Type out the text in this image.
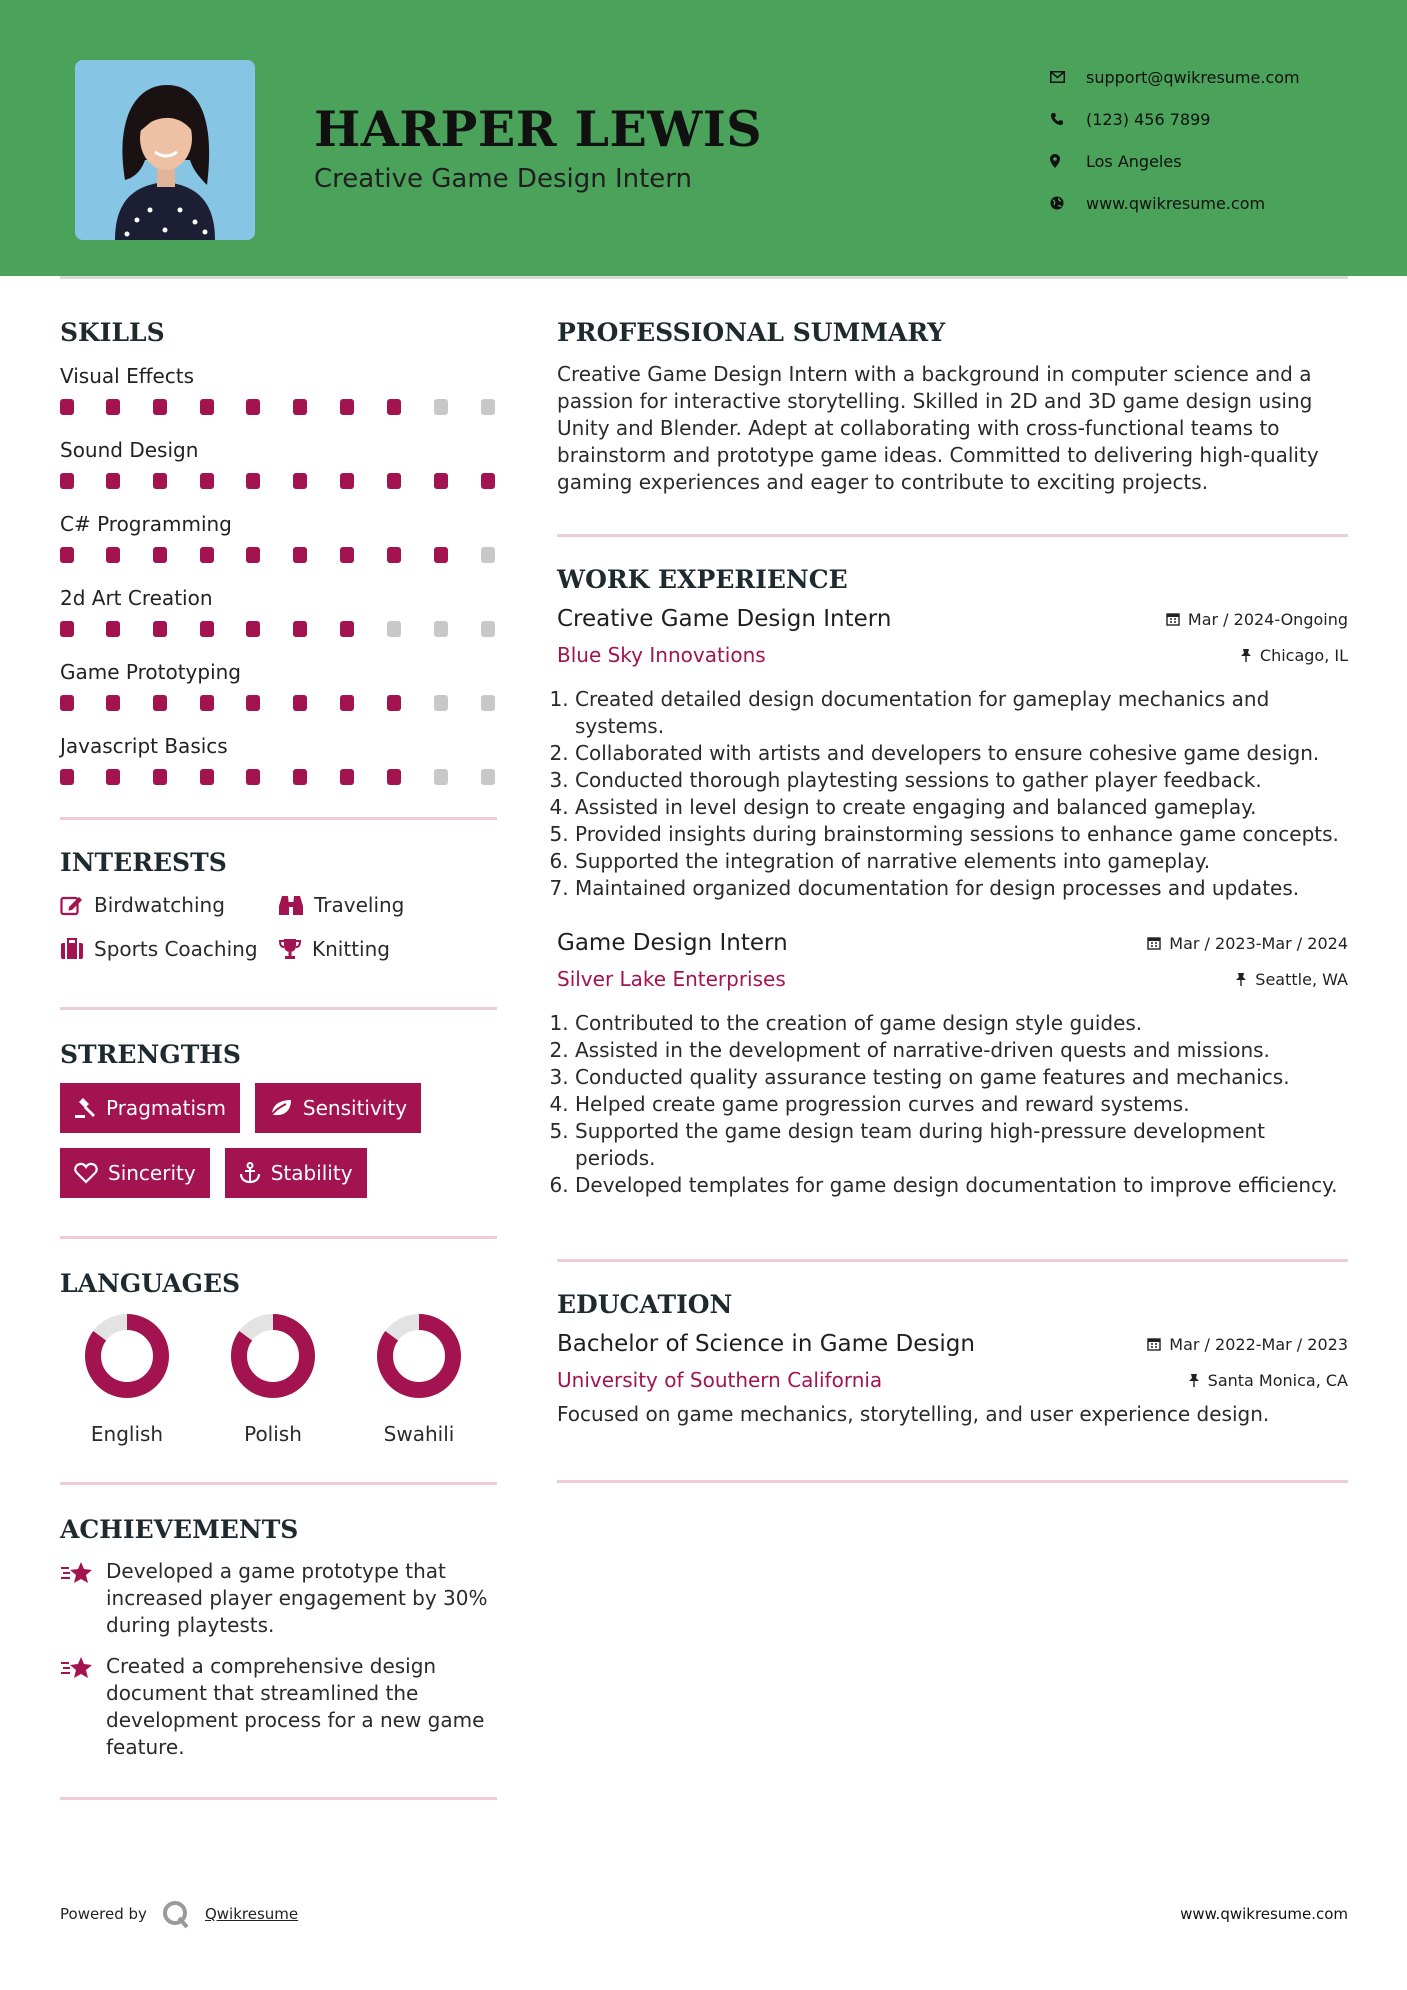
HARPER LEWIS
Creative Game Design Intern
support@qwikresume.com
(123) 456 7899
Los Angeles
www.qwikresume.com
SKILLS
Visual Effects
Sound Design
C# Programming
2d Art Creation
Game Prototyping
Javascript Basics
INTERESTS
Birdwatching	Traveling
Sports Coaching	Knitting
STRENGTHS
Pragmatism	Sensitivity
Sincerity	Stability
LANGUAGES
English	Polish	Swahili
ACHIEVEMENTS
Developed a game prototype that increased player engagement by 30% during playtests.
Created a comprehensive design document that streamlined the development process for a new game feature.
PROFESSIONAL SUMMARY
Creative Game Design Intern with a background in computer science and a passion for interactive storytelling. Skilled in 2D and 3D game design using Unity and Blender. Adept at collaborating with cross-functional teams to brainstorm and prototype game ideas. Committed to delivering high-quality gaming experiences and eager to contribute to exciting projects.
WORK EXPERIENCE
Creative Game Design Intern	Mar / 2024-Ongoing
Blue Sky Innovations	Chicago, IL
1. Created detailed design documentation for gameplay mechanics and systems.
2. Collaborated with artists and developers to ensure cohesive game design.
3. Conducted thorough playtesting sessions to gather player feedback.
4. Assisted in level design to create engaging and balanced gameplay.
5. Provided insights during brainstorming sessions to enhance game concepts.
6. Supported the integration of narrative elements into gameplay.
7. Maintained organized documentation for design processes and updates.
Game Design Intern	Mar / 2023-Mar / 2024
Silver Lake Enterprises	Seattle, WA
1. Contributed to the creation of game design style guides.
2. Assisted in the development of narrative-driven quests and missions.
3. Conducted quality assurance testing on game features and mechanics.
4. Helped create game progression curves and reward systems.
5. Supported the game design team during high-pressure development periods.
6. Developed templates for game design documentation to improve efficiency.
EDUCATION
Bachelor of Science in Game Design	Mar / 2022-Mar / 2023
University of Southern California	Santa Monica, CA
Focused on game mechanics, storytelling, and user experience design.
Powered by	Qwikresume	www.qwikresume.com
